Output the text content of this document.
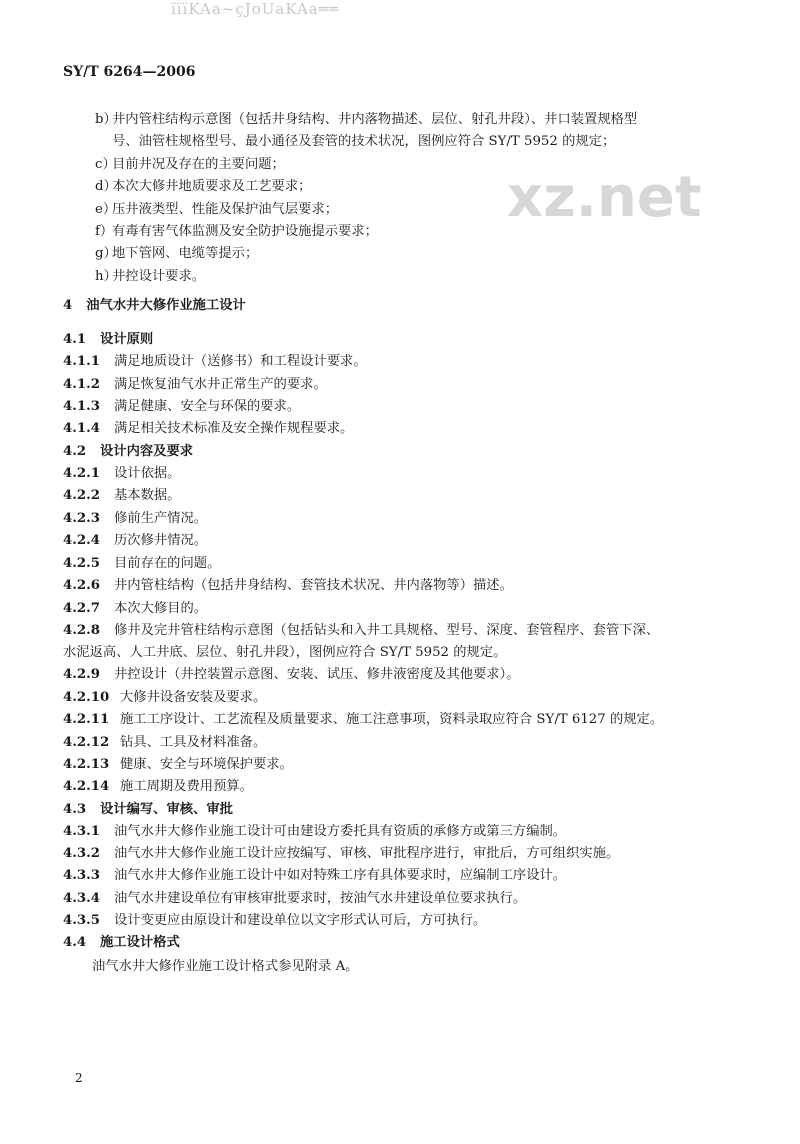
ïïïKAa~çJoUaKAa══
SY/T 6264—2006
xz.net
b）井内管柱结构示意图（包括井身结构、井内落物描述、层位、射孔井段）、井口装置规格型
号、油管柱规格型号、最小通径及套管的技术状况，图例应符合 SY/T 5952 的规定；
c）目前井况及存在的主要问题；
d）本次大修井地质要求及工艺要求；
e）压井液类型、性能及保护油气层要求；
f）有毒有害气体监测及安全防护设施提示要求；
g）地下管网、电缆等提示；
h）井控设计要求。
4 油气水井大修作业施工设计
4.1 设计原则
4.1.1 满足地质设计（送修书）和工程设计要求。
4.1.2 满足恢复油气水井正常生产的要求。
4.1.3 满足健康、安全与环保的要求。
4.1.4 满足相关技术标准及安全操作规程要求。
4.2 设计内容及要求
4.2.1 设计依据。
4.2.2 基本数据。
4.2.3 修前生产情况。
4.2.4 历次修井情况。
4.2.5 目前存在的问题。
4.2.6 井内管柱结构（包括井身结构、套管技术状况、井内落物等）描述。
4.2.7 本次大修目的。
4.2.8 修井及完井管柱结构示意图（包括钻头和入井工具规格、型号、深度、套管程序、套管下深、
水泥返高、人工井底、层位、射孔井段），图例应符合 SY/T 5952 的规定。
4.2.9 井控设计（井控装置示意图、安装、试压、修井液密度及其他要求）。
4.2.10 大修井设备安装及要求。
4.2.11 施工工序设计、工艺流程及质量要求、施工注意事项，资料录取应符合 SY/T 6127 的规定。
4.2.12 钻具、工具及材料准备。
4.2.13 健康、安全与环境保护要求。
4.2.14 施工周期及费用预算。
4.3 设计编写、审核、审批
4.3.1 油气水井大修作业施工设计可由建设方委托具有资质的承修方或第三方编制。
4.3.2 油气水井大修作业施工设计应按编写、审核、审批程序进行，审批后，方可组织实施。
4.3.3 油气水井大修作业施工设计中如对特殊工序有具体要求时，应编制工序设计。
4.3.4 油气水井建设单位有审核审批要求时，按油气水井建设单位要求执行。
4.3.5 设计变更应由原设计和建设单位以文字形式认可后，方可执行。
4.4 施工设计格式
油气水井大修作业施工设计格式参见附录 A。
2
